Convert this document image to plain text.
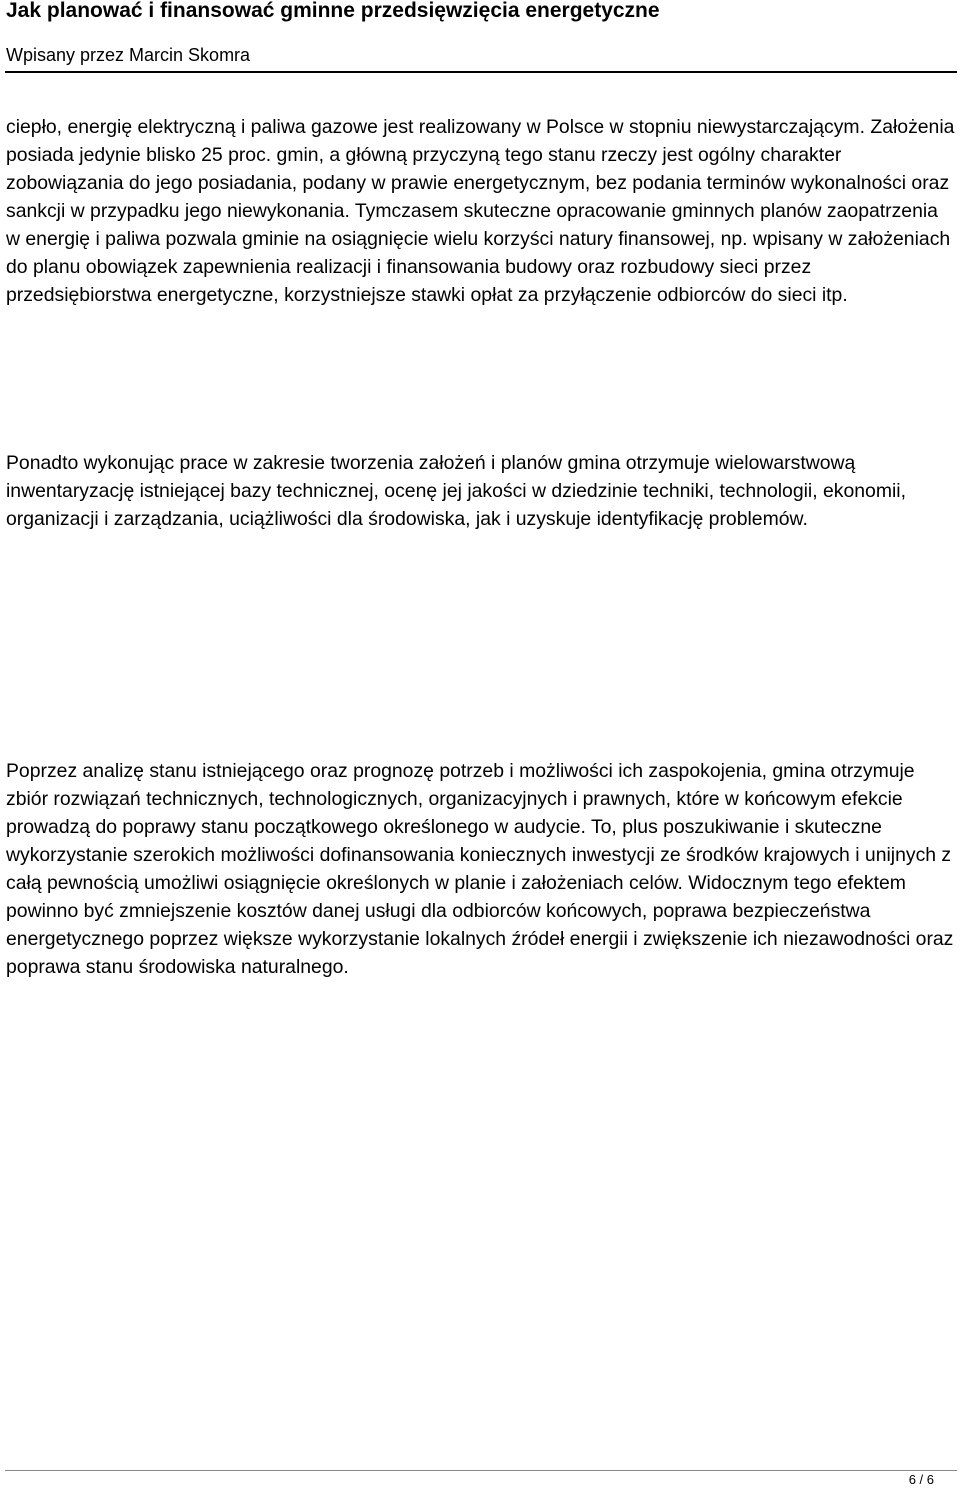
Jak planować i finansować gminne przedsięwzięcia energetyczne
Wpisany przez Marcin Skomra

ciepło, energię elektryczną i paliwa gazowe jest realizowany w Polsce w stopniu niewystarczającym. Założenia posiada jedynie blisko 25 proc. gmin, a główną przyczyną tego stanu rzeczy jest ogólny charakter zobowiązania do jego posiadania, podany w prawie energetycznym, bez podania terminów wykonalności oraz sankcji w przypadku jego niewykonania. Tymczasem skuteczne opracowanie gminnych planów zaopatrzenia w energię i paliwa pozwala gminie na osiągnięcie wielu korzyści natury finansowej, np. wpisany w założeniach do planu obowiązek zapewnienia realizacji i finansowania budowy oraz rozbudowy sieci przez przedsiębiorstwa energetyczne, korzystniejsze stawki opłat za przyłączenie odbiorców do sieci itp.

Ponadto wykonując prace w zakresie tworzenia założeń i planów gmina otrzymuje wielowarstwową inwentaryzację istniejącej bazy technicznej, ocenę jej jakości w dziedzinie techniki, technologii, ekonomii, organizacji i zarządzania, uciążliwości dla środowiska, jak i uzyskuje identyfikację problemów.

Poprzez analizę stanu istniejącego oraz prognozę potrzeb i możliwości ich zaspokojenia, gmina otrzymuje zbiór rozwiązań technicznych, technologicznych, organizacyjnych i prawnych, które w końcowym efekcie prowadzą do poprawy stanu początkowego określonego w audycie. To, plus poszukiwanie i skuteczne wykorzystanie szerokich możliwości dofinansowania koniecznych inwestycji ze środków krajowych i unijnych z całą pewnością umożliwi osiągnięcie określonych w planie i założeniach celów. Widocznym tego efektem powinno być zmniejszenie kosztów danej usługi dla odbiorców końcowych, poprawa bezpieczeństwa energetycznego poprzez większe wykorzystanie lokalnych źródeł energii i zwiększenie ich niezawodności oraz poprawa stanu środowiska naturalnego.

6 / 6
